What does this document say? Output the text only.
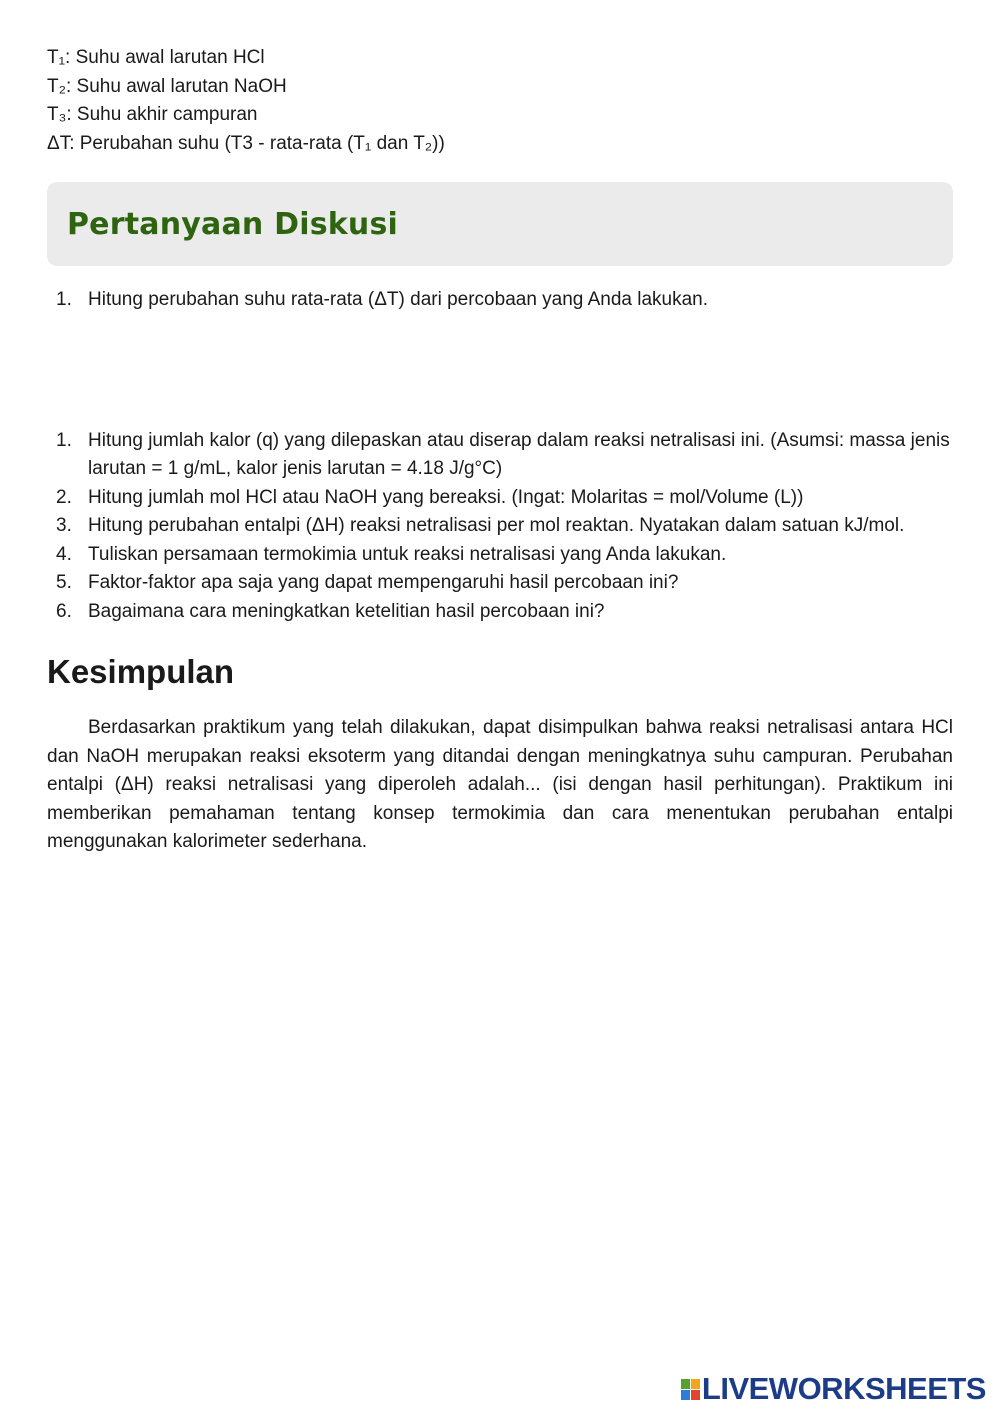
T₁: Suhu awal larutan HCl

T₂: Suhu awal larutan NaOH

T₃: Suhu akhir campuran

ΔT: Perubahan suhu (T3 - rata-rata (T₁ dan T₂))

Pertanyaan Diskusi
1. Hitung perubahan suhu rata-rata (ΔT) dari percobaan yang Anda lakukan.
1. Hitung jumlah kalor (q) yang dilepaskan atau diserap dalam reaksi netralisasi ini. (Asumsi: massa jenis larutan = 1 g/mL, kalor jenis larutan = 4.18 J/g°C)
2. Hitung jumlah mol HCl atau NaOH yang bereaksi. (Ingat: Molaritas = mol/Volume (L))
3. Hitung perubahan entalpi (ΔH) reaksi netralisasi per mol reaktan. Nyatakan dalam satuan kJ/mol.
4. Tuliskan persamaan termokimia untuk reaksi netralisasi yang Anda lakukan.
5. Faktor-faktor apa saja yang dapat mempengaruhi hasil percobaan ini?
6. Bagaimana cara meningkatkan ketelitian hasil percobaan ini?
Kesimpulan

Berdasarkan praktikum yang telah dilakukan, dapat disimpulkan bahwa reaksi netralisasi antara HCl dan NaOH merupakan reaksi eksoterm yang ditandai dengan meningkatnya suhu campuran. Perubahan entalpi (ΔH) reaksi netralisasi yang diperoleh adalah... (isi dengan hasil perhitungan). Praktikum ini memberikan pemahaman tentang konsep termokimia dan cara menentukan perubahan entalpi menggunakan kalorimeter sederhana.

LIVEWORKSHEETS
